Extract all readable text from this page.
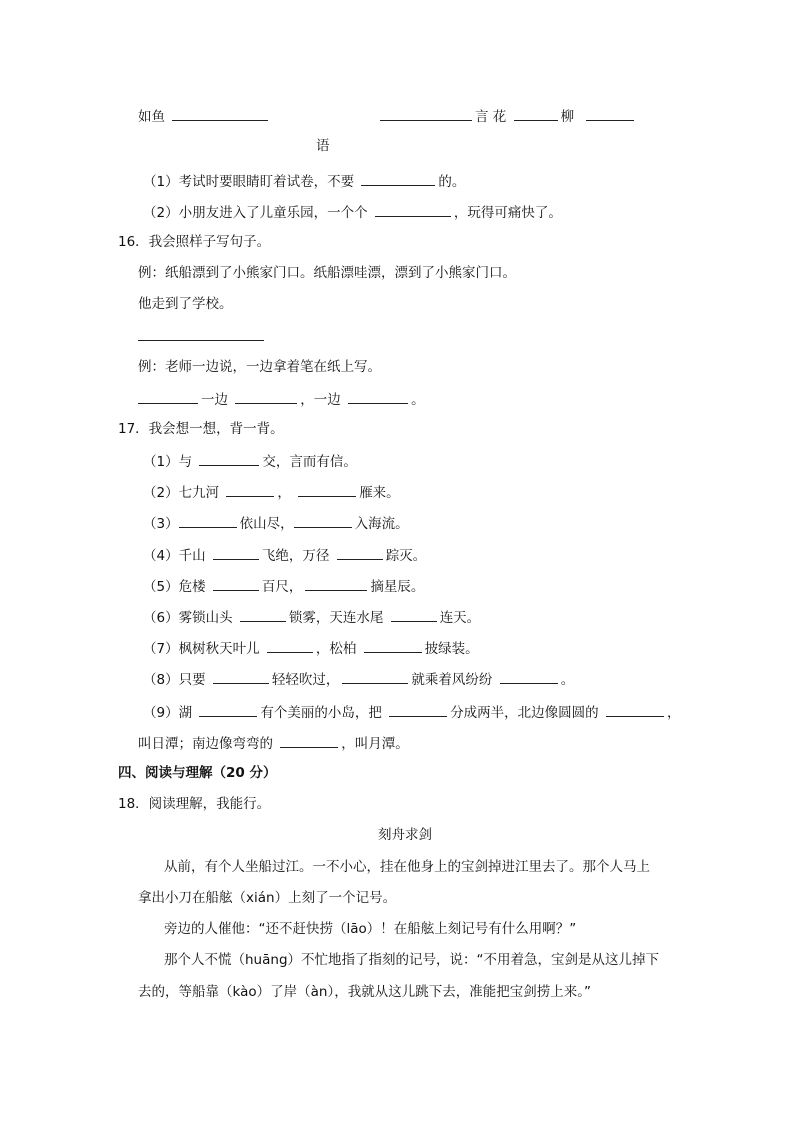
如鱼	言 花	柳
语
（1）考试时要眼睛盯着试卷，不要	的。
（2）小朋友进入了儿童乐园，一个个	，玩得可痛快了。
16．我会照样子写句子。
例：纸船漂到了小熊家门口。纸船漂哇漂，漂到了小熊家门口。
他走到了学校。
例：老师一边说，一边拿着笔在纸上写。
一边	，一边	。
17．我会想一想，背一背。
（1）与	交，言而有信。
（2）七九河	，	雁来。
（3）	依山尽，	入海流。
（4）千山	飞绝，万径	踪灭。
（5）危楼	百尺，	摘星辰。
（6）雾锁山头	锁雾，天连水尾	连天。
（7）枫树秋天叶儿	，松柏	披绿装。
（8）只要	轻轻吹过，	就乘着风纷纷	。
（9）湖	有个美丽的小岛，把	分成两半，北边像圆圆的	，
叫日潭；南边像弯弯的	，叫月潭。
四、阅读与理解（20 分）
18．阅读理解，我能行。
刻舟求剑
从前，有个人坐船过江。一不小心，挂在他身上的宝剑掉进江里去了。那个人马上
拿出小刀在船舷（xián）上刻了一个记号。
旁边的人催他：“还不赶快捞（lāo）！在船舷上刻记号有什么用啊？”
那个人不慌（huāng）不忙地指了指刻的记号，说：“不用着急，宝剑是从这儿掉下
去的，等船靠（kào）了岸（àn），我就从这儿跳下去，准能把宝剑捞上来。”
